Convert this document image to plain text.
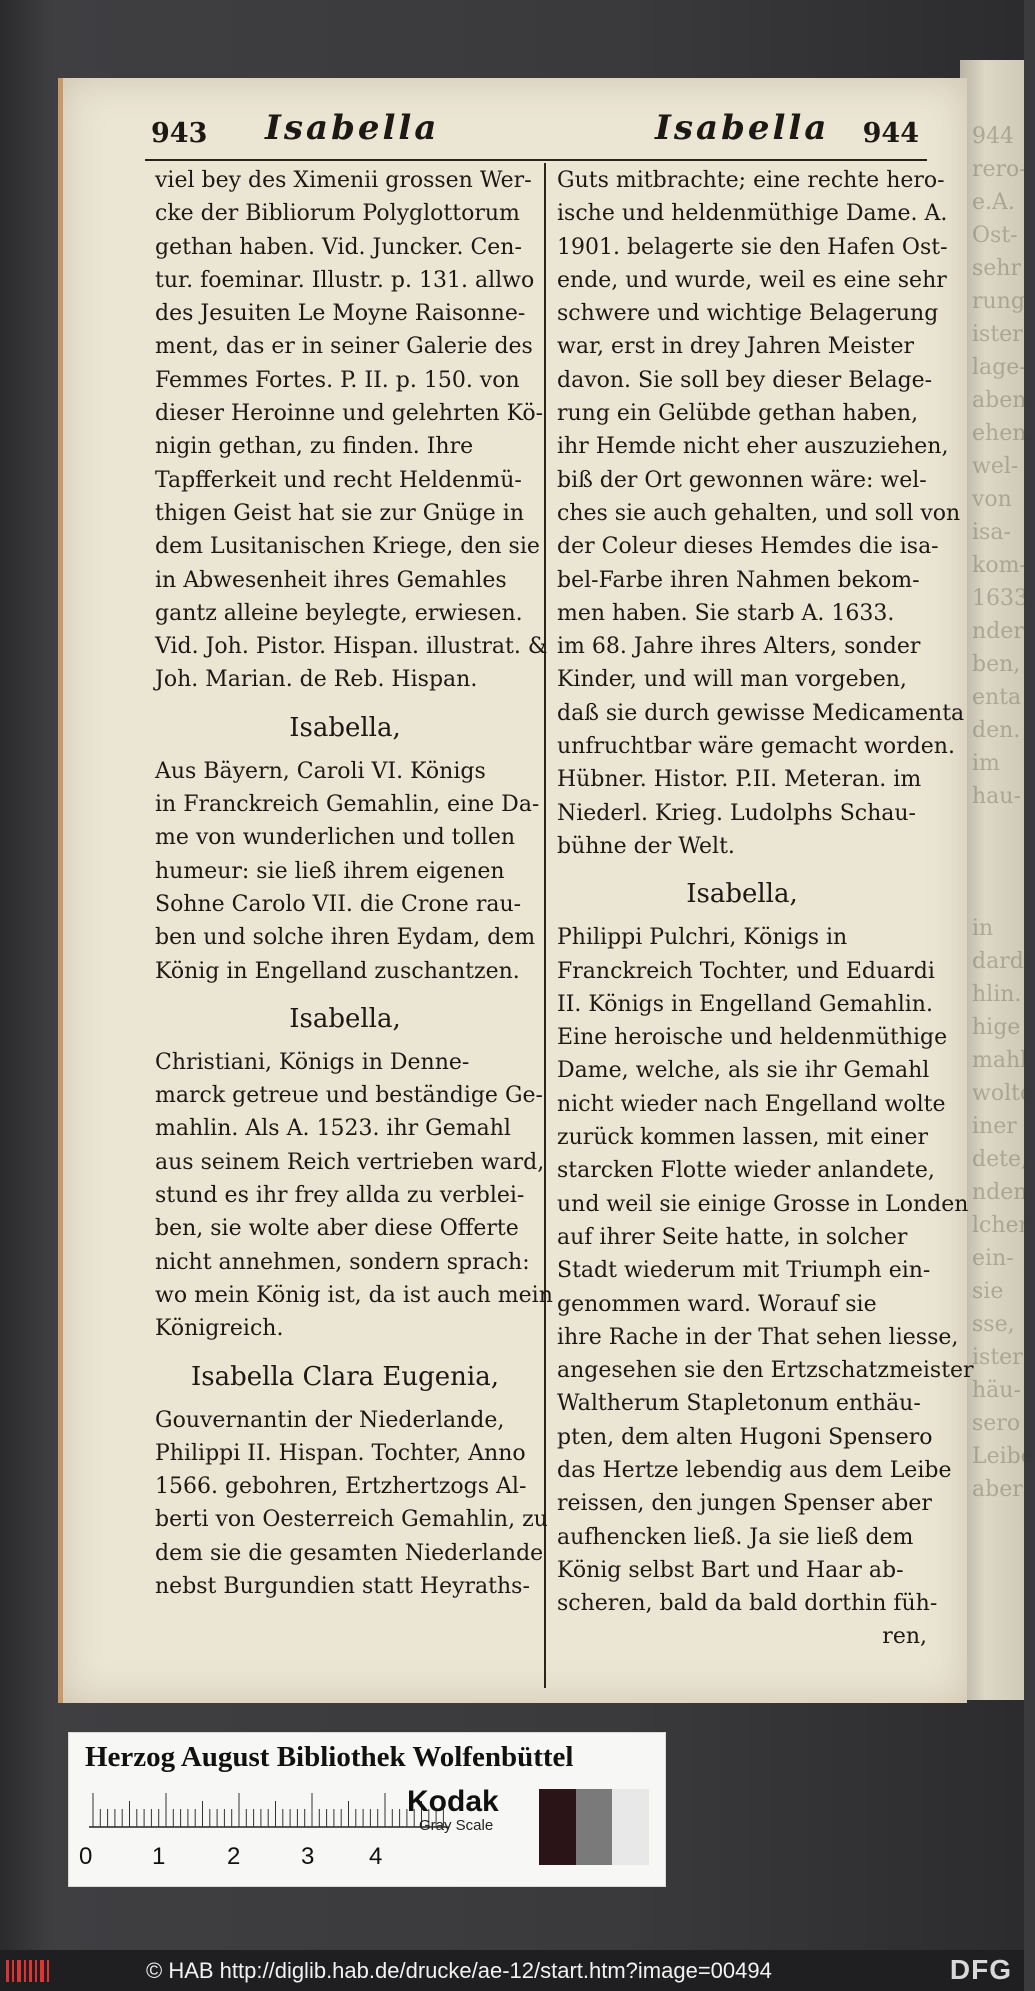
944
rero-
e.A.
Ost-
sehr
rung
ister
lage-
aben,
ehen,
wel-
von
isa-
kom-
1633.
nder
ben,
enta
den.
im
hau-

in
dardi
hlin.
hige
mahl
wolte
iner
dete,
nden
lcher
ein-
sie
sse,
ister
häu-
sero
Leibe
aber
943 Isabella	Isabella 944
viel bey des Ximenii grossen Wer-
cke der Bibliorum Polyglottorum
gethan haben. Vid. Juncker. Cen-
tur. foeminar. Illustr. p. 131. allwo
des Jesuiten Le Moyne Raisonne-
ment, das er in seiner Galerie des
Femmes Fortes. P. II. p. 150. von
dieser Heroinne und gelehrten Kö-
nigin gethan, zu finden. Ihre
Tapfferkeit und recht Heldenmü-
thigen Geist hat sie zur Gnüge in
dem Lusitanischen Kriege, den sie
in Abwesenheit ihres Gemahles
gantz alleine beylegte, erwiesen.
Vid. Joh. Pistor. Hispan. illustrat. &
Joh. Marian. de Reb. Hispan.
Isabella,
Aus Bäyern, Caroli VI. Königs
in Franckreich Gemahlin, eine Da-
me von wunderlichen und tollen
humeur: sie ließ ihrem eigenen
Sohne Carolo VII. die Crone rau-
ben und solche ihren Eydam, dem
König in Engelland zuschantzen.
Isabella,
Christiani, Königs in Denne-
marck getreue und beständige Ge-
mahlin. Als A. 1523. ihr Gemahl
aus seinem Reich vertrieben ward,
stund es ihr frey allda zu verblei-
ben, sie wolte aber diese Offerte
nicht annehmen, sondern sprach:
wo mein König ist, da ist auch mein
Königreich.
Isabella Clara Eugenia,
Gouvernantin der Niederlande,
Philippi II. Hispan. Tochter, Anno
1566. gebohren, Ertzhertzogs Al-
berti von Oesterreich Gemahlin, zu
dem sie die gesamten Niederlande
nebst Burgundien statt Heyraths-
Guts mitbrachte; eine rechte hero-
ische und heldenmüthige Dame. A.
1901. belagerte sie den Hafen Ost-
ende, und wurde, weil es eine sehr
schwere und wichtige Belagerung
war, erst in drey Jahren Meister
davon. Sie soll bey dieser Belage-
rung ein Gelübde gethan haben,
ihr Hemde nicht eher auszuziehen,
biß der Ort gewonnen wäre: wel-
ches sie auch gehalten, und soll von
der Coleur dieses Hemdes die isa-
bel-Farbe ihren Nahmen bekom-
men haben. Sie starb A. 1633.
im 68. Jahre ihres Alters, sonder
Kinder, und will man vorgeben,
daß sie durch gewisse Medicamenta
unfruchtbar wäre gemacht worden.
Hübner. Histor. P.II. Meteran. im
Niederl. Krieg. Ludolphs Schau-
bühne der Welt.
Isabella,
Philippi Pulchri, Königs in
Franckreich Tochter, und Eduardi
II. Königs in Engelland Gemahlin.
Eine heroische und heldenmüthige
Dame, welche, als sie ihr Gemahl
nicht wieder nach Engelland wolte
zurück kommen lassen, mit einer
starcken Flotte wieder anlandete,
und weil sie einige Grosse in Londen
auf ihrer Seite hatte, in solcher
Stadt wiederum mit Triumph ein-
genommen ward. Worauf sie
ihre Rache in der That sehen liesse,
angesehen sie den Ertzschatzmeister
Waltherum Stapletonum enthäu-
pten, dem alten Hugoni Spensero
das Hertze lebendig aus dem Leibe
reissen, den jungen Spenser aber
aufhencken ließ. Ja sie ließ dem
König selbst Bart und Haar ab-
scheren, bald da bald dorthin füh-
ren,
Herzog August Bibliothek Wolfenbüttel
0 1	2	3 4
Kodak
Gray Scale
© HAB http://diglib.hab.de/drucke/ae-12/start.htm?image=00494	DFG
